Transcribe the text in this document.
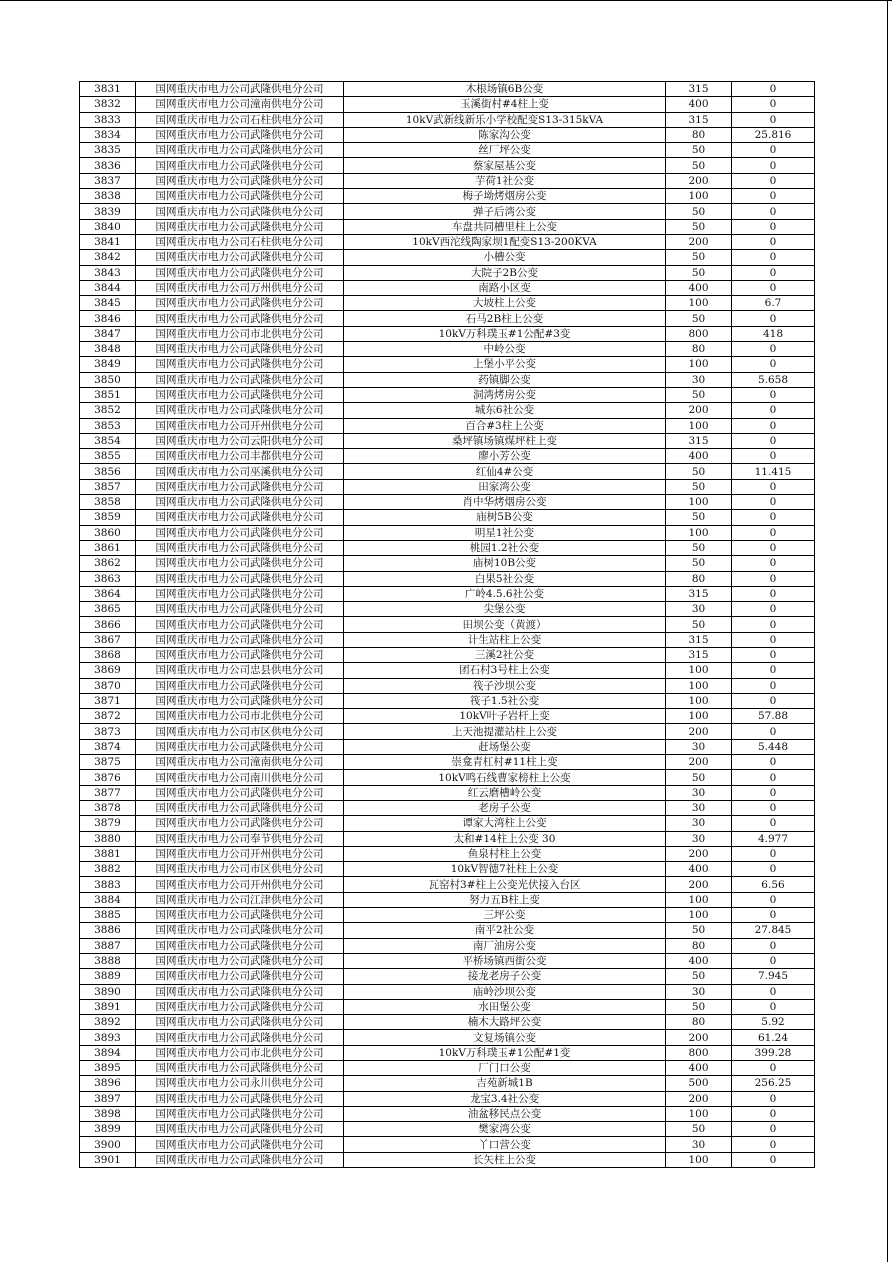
3831	国网重庆市电力公司武隆供电分公司	木根场镇6B公变	315	0
3832	国网重庆市电力公司潼南供电分公司	玉溪街村#4柱上变	400	0
3833	国网重庆市电力公司石柱供电分公司	10kV武新线新乐小学校配变S13-315kVA	315	0
3834	国网重庆市电力公司武隆供电分公司	陈家沟公变	80	25.816
3835	国网重庆市电力公司武隆供电分公司	丝厂坪公变	50	0
3836	国网重庆市电力公司武隆供电分公司	蔡家屋基公变	50	0
3837	国网重庆市电力公司武隆供电分公司	芋荷1社公变	200	0
3838	国网重庆市电力公司武隆供电分公司	梅子坳烤烟房公变	100	0
3839	国网重庆市电力公司武隆供电分公司	弹子后湾公变	50	0
3840	国网重庆市电力公司武隆供电分公司	车盘共同槽里柱上公变	50	0
3841	国网重庆市电力公司石柱供电分公司	10kV西沱线陶家坝1配变S13-200KVA	200	0
3842	国网重庆市电力公司武隆供电分公司	小槽公变	50	0
3843	国网重庆市电力公司武隆供电分公司	大院子2B公变	50	0
3844	国网重庆市电力公司万州供电分公司	南路小区变	400	0
3845	国网重庆市电力公司武隆供电分公司	大坡柱上公变	100	6.7
3846	国网重庆市电力公司武隆供电分公司	石马2B柱上公变	50	0
3847	国网重庆市电力公司市北供电分公司	10kV万科璞玉#1公配#3变	800	418
3848	国网重庆市电力公司武隆供电分公司	中岭公变	80	0
3849	国网重庆市电力公司武隆供电分公司	上堡小平公变	100	0
3850	国网重庆市电力公司武隆供电分公司	药镇脚公变	30	5.658
3851	国网重庆市电力公司武隆供电分公司	洞湾烤房公变	50	0
3852	国网重庆市电力公司武隆供电分公司	城东6社公变	200	0
3853	国网重庆市电力公司开州供电分公司	百合#3柱上公变	100	0
3854	国网重庆市电力公司云阳供电分公司	桑坪镇场镇煤坪柱上变	315	0
3855	国网重庆市电力公司丰都供电分公司	廖小芳公变	400	0
3856	国网重庆市电力公司巫溪供电分公司	红仙4#公变	50	11.415
3857	国网重庆市电力公司武隆供电分公司	田家湾公变	50	0
3858	国网重庆市电力公司武隆供电分公司	肖中华烤烟房公变	100	0
3859	国网重庆市电力公司武隆供电分公司	庙树5B公变	50	0
3860	国网重庆市电力公司武隆供电分公司	明星1社公变	100	0
3861	国网重庆市电力公司武隆供电分公司	桃园1.2社公变	50	0
3862	国网重庆市电力公司武隆供电分公司	庙树10B公变	50	0
3863	国网重庆市电力公司武隆供电分公司	白果5社公变	80	0
3864	国网重庆市电力公司武隆供电分公司	广岭4.5.6社公变	315	0
3865	国网重庆市电力公司武隆供电分公司	尖堡公变	30	0
3866	国网重庆市电力公司武隆供电分公司	田坝公变（黄渡）	50	0
3867	国网重庆市电力公司武隆供电分公司	计生站柱上公变	315	0
3868	国网重庆市电力公司武隆供电分公司	三溪2社公变	315	0
3869	国网重庆市电力公司忠县供电分公司	团石村3号柱上公变	100	0
3870	国网重庆市电力公司武隆供电分公司	筏子沙坝公变	100	0
3871	国网重庆市电力公司武隆供电分公司	筏子1.5社公变	100	0
3872	国网重庆市电力公司市北供电分公司	10kV叶子岩杆上变	100	57.88
3873	国网重庆市电力公司市区供电分公司	上天池提灌站柱上公变	200	0
3874	国网重庆市电力公司武隆供电分公司	赶场堡公变	30	5.448
3875	国网重庆市电力公司潼南供电分公司	崇龛青杠村#11柱上变	200	0
3876	国网重庆市电力公司南川供电分公司	10kV鸣石线曹家榜柱上公变	50	0
3877	国网重庆市电力公司武隆供电分公司	红云磨槽岭公变	30	0
3878	国网重庆市电力公司武隆供电分公司	老房子公变	30	0
3879	国网重庆市电力公司武隆供电分公司	谭家大湾柱上公变	30	0
3880	国网重庆市电力公司奉节供电分公司	太和#14柱上公变 30	30	4.977
3881	国网重庆市电力公司开州供电分公司	鱼泉村柱上公变	200	0
3882	国网重庆市电力公司市区供电分公司	10kV智德7社柱上公变	400	0
3883	国网重庆市电力公司开州供电分公司	瓦窑村3#柱上公变光伏接入台区	200	6.56
3884	国网重庆市电力公司江津供电分公司	努力五B柱上变	100	0
3885	国网重庆市电力公司武隆供电分公司	三坪公变	100	0
3886	国网重庆市电力公司武隆供电分公司	南平2社公变	50	27.845
3887	国网重庆市电力公司武隆供电分公司	南厂油房公变	80	0
3888	国网重庆市电力公司武隆供电分公司	平桥场镇西街公变	400	0
3889	国网重庆市电力公司武隆供电分公司	接龙老房子公变	50	7.945
3890	国网重庆市电力公司武隆供电分公司	庙岭沙坝公变	30	0
3891	国网重庆市电力公司武隆供电分公司	水田堡公变	50	0
3892	国网重庆市电力公司武隆供电分公司	楠木大路坪公变	80	5.92
3893	国网重庆市电力公司武隆供电分公司	文复场镇公变	200	61.24
3894	国网重庆市电力公司市北供电分公司	10kV万科璞玉#1公配#1变	800	399.28
3895	国网重庆市电力公司武隆供电分公司	厂门口公变	400	0
3896	国网重庆市电力公司永川供电分公司	吉苑新城1B	500	256.25
3897	国网重庆市电力公司武隆供电分公司	龙宝3.4社公变	200	0
3898	国网重庆市电力公司武隆供电分公司	油盆移民点公变	100	0
3899	国网重庆市电力公司武隆供电分公司	樊家湾公变	50	0
3900	国网重庆市电力公司武隆供电分公司	丫口营公变	30	0
3901	国网重庆市电力公司武隆供电分公司	长矢柱上公变	100	0
